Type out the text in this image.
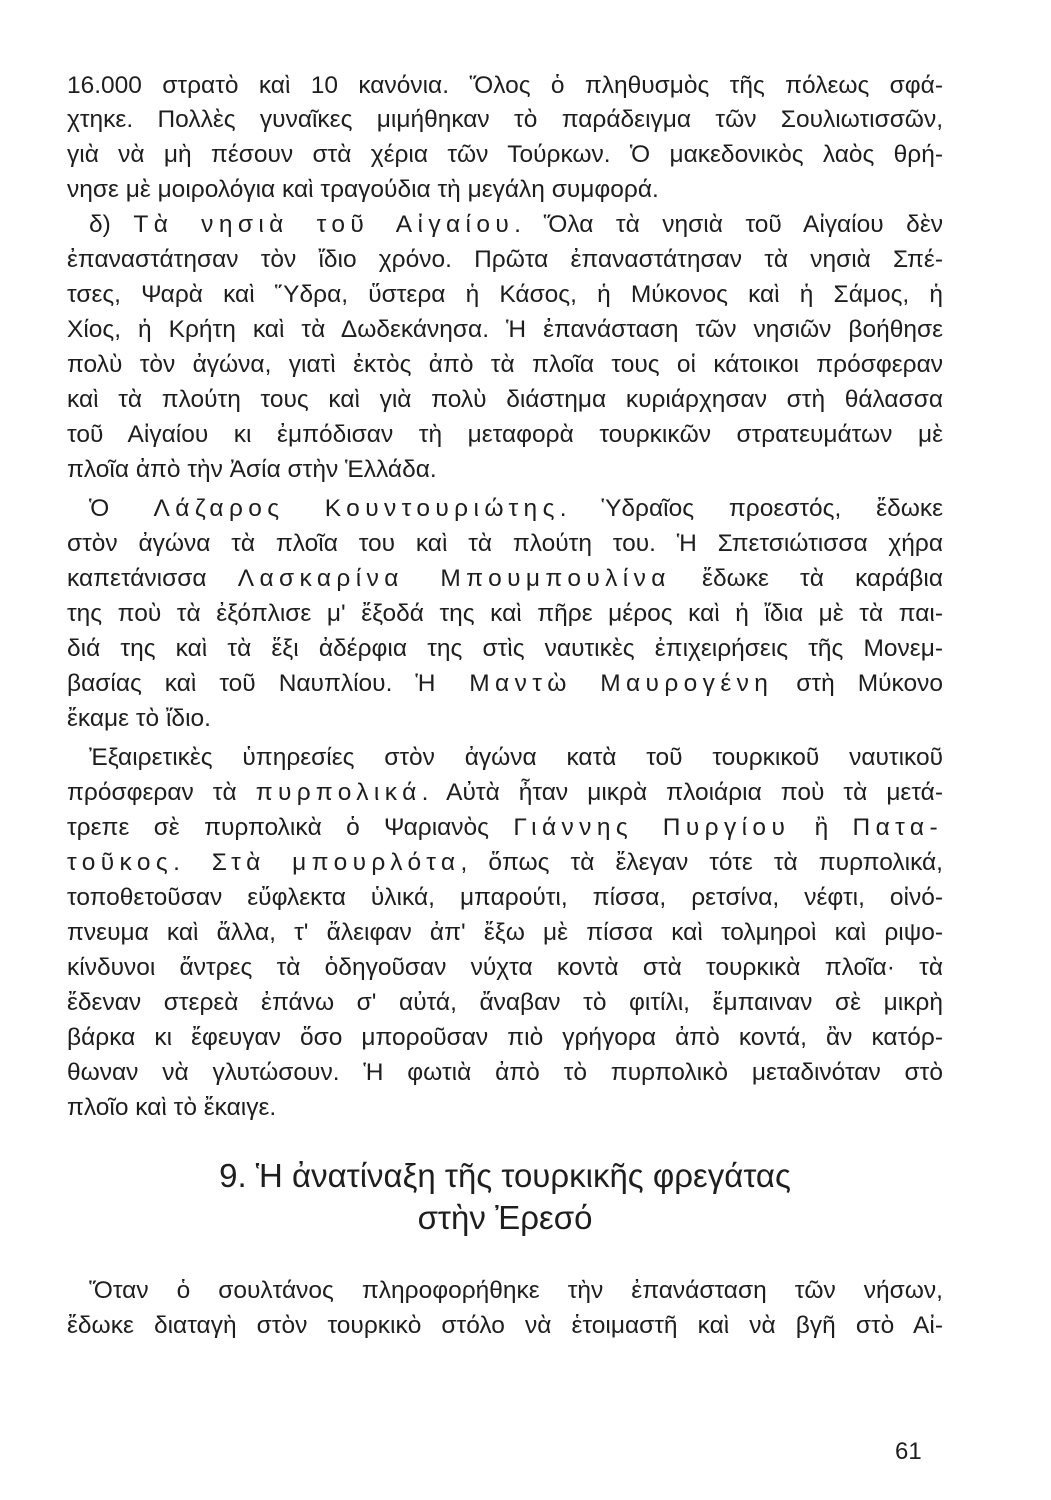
16.000 στρατὸ καὶ 10 κανόνια. Ὅλος ὁ πληθυσμὸς τῆς πόλεως σφά-
χτηκε. Πολλὲς γυναῖκες μιμήθηκαν τὸ παράδειγμα τῶν Σουλιωτισσῶν,
γιὰ νὰ μὴ πέσουν στὰ χέρια τῶν Τούρκων. Ὁ μακεδονικὸς λαὸς θρή-
νησε μὲ μοιρολόγια καὶ τραγούδια τὴ μεγάλη συμφορά.
δ) Τὰ νησιὰ τοῦ Αἰγαίου. Ὅλα τὰ νησιὰ τοῦ Αἰγαίου δὲν
ἐπαναστάτησαν τὸν ἴδιο χρόνο. Πρῶτα ἐπαναστάτησαν τὰ νησιὰ Σπέ-
τσες, Ψαρὰ καὶ Ὕδρα, ὕστερα ἡ Κάσος, ἡ Μύκονος καὶ ἡ Σάμος, ἡ
Χίος, ἡ Κρήτη καὶ τὰ Δωδεκάνησα. Ἡ ἐπανάσταση τῶν νησιῶν βοήθησε
πολὺ τὸν ἀγώνα, γιατὶ ἐκτὸς ἀπὸ τὰ πλοῖα τους οἱ κάτοικοι πρόσφεραν
καὶ τὰ πλούτη τους καὶ γιὰ πολὺ διάστημα κυριάρχησαν στὴ θάλασσα
τοῦ Αἰγαίου κι ἐμπόδισαν τὴ μεταφορὰ τουρκικῶν στρατευμάτων μὲ
πλοῖα ἀπὸ τὴν Ἀσία στὴν Ἑλλάδα.
Ὁ Λάζαρος Κουντουριώτης. Ὑδραῖος προεστός, ἔδωκε
στὸν ἀγώνα τὰ πλοῖα του καὶ τὰ πλούτη του. Ἡ Σπετσιώτισσα χήρα
καπετάνισσα Λασκαρίνα Μπουμπουλίνα ἔδωκε τὰ καράβια
της ποὺ τὰ ἐξόπλισε μ' ἔξοδά της καὶ πῆρε μέρος καὶ ἡ ἴδια μὲ τὰ παι-
διά της καὶ τὰ ἕξι ἀδέρφια της στὶς ναυτικὲς ἐπιχειρήσεις τῆς Μονεμ-
βασίας καὶ τοῦ Ναυπλίου. Ἡ Μαντὼ Μαυρογένη στὴ Μύκονο
ἔκαμε τὸ ἴδιο.
Ἐξαιρετικὲς ὑπηρεσίες στὸν ἀγώνα κατὰ τοῦ τουρκικοῦ ναυτικοῦ
πρόσφεραν τὰ πυρπολικά. Αὐτὰ ἦταν μικρὰ πλοιάρια ποὺ τὰ μετά-
τρεπε σὲ πυρπολικὰ ὁ Ψαριανὸς Γιάννης Πυργίου ἢ Πατα-
τοῦκος. Στὰ μπουρλότα, ὅπως τὰ ἔλεγαν τότε τὰ πυρπολικά,
τοποθετοῦσαν εὔφλεκτα ὑλικά, μπαρούτι, πίσσα, ρετσίνα, νέφτι, οἰνό-
πνευμα καὶ ἄλλα, τ' ἄλειφαν ἀπ' ἔξω μὲ πίσσα καὶ τολμηροὶ καὶ ριψο-
κίνδυνοι ἄντρες τὰ ὁδηγοῦσαν νύχτα κοντὰ στὰ τουρκικὰ πλοῖα· τὰ
ἔδεναν στερεὰ ἐπάνω σ' αὐτά, ἄναβαν τὸ φιτίλι, ἔμπαιναν σὲ μικρὴ
βάρκα κι ἔφευγαν ὅσο μποροῦσαν πιὸ γρήγορα ἀπὸ κοντά, ἂν κατόρ-
θωναν νὰ γλυτώσουν. Ἡ φωτιὰ ἀπὸ τὸ πυρπολικὸ μεταδινόταν στὸ
πλοῖο καὶ τὸ ἔκαιγε.
9. Ἡ ἀνατίναξη τῆς τουρκικῆς φρεγάτας
στὴν Ἐρεσό
Ὅταν ὁ σουλτάνος πληροφορήθηκε τὴν ἐπανάσταση τῶν νήσων,
ἔδωκε διαταγὴ στὸν τουρκικὸ στόλο νὰ ἑτοιμαστῆ καὶ νὰ βγῆ στὸ Αἰ-
61
